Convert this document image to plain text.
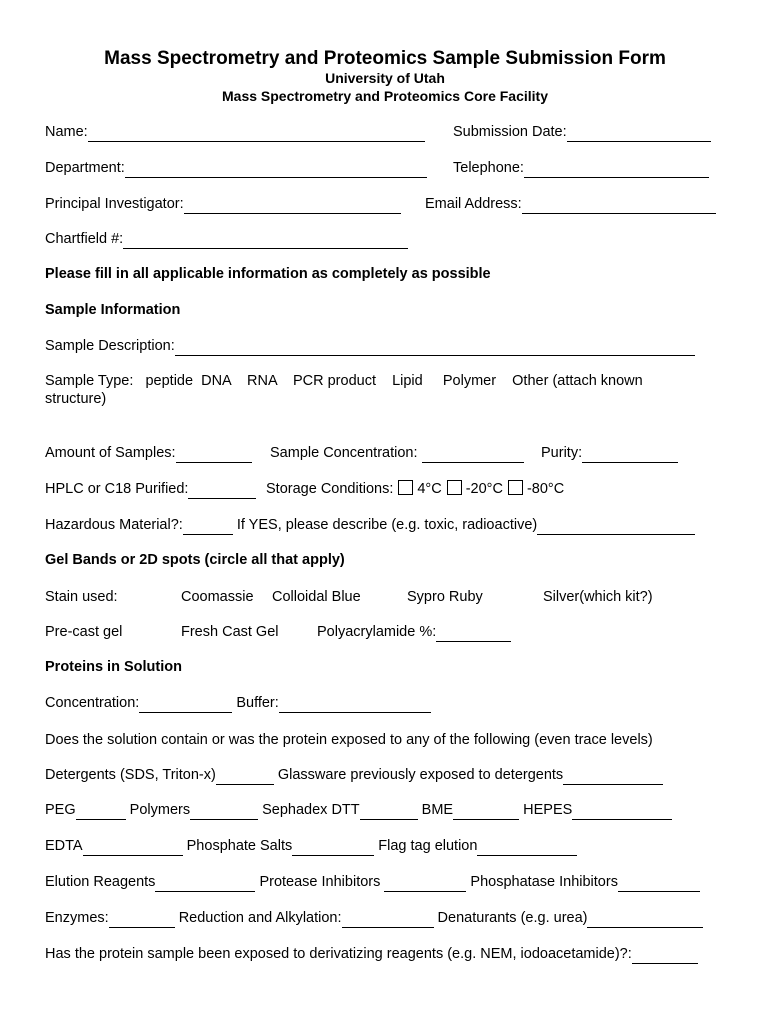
Mass Spectrometry and Proteomics Sample Submission Form
University of Utah
Mass Spectrometry and Proteomics Core Facility
Name:	Submission Date:
Department:	Telephone:
Principal Investigator:	Email Address:
Chartfield #:
Please fill in all applicable information as completely as possible
Sample Information
Sample Description:
Sample Type:   peptide  DNA    RNA    PCR product    Lipid     Polymer    Other (attach known structure)
Amount of Samples:	Sample Concentration:	Purity:
HPLC or C18 Purified:	Storage Conditions: 4°C -20°C -80°C
Hazardous Material?:	If YES, please describe (e.g. toxic, radioactive)
Gel Bands or 2D spots (circle all that apply)
Stain used:	Coomassie Colloidal Blue	Sypro Ruby	Silver(which kit?)
Pre-cast gel	Fresh Cast Gel	Polyacrylamide %:
Proteins in Solution
Concentration:	Buffer:
Does the solution contain or was the protein exposed to any of the following (even trace levels)
Detergents (SDS, Triton-x)	Glassware previously exposed to detergents
PEG	Polymers	Sephadex DTT	BME	HEPES
EDTA	Phosphate Salts	Flag tag elution
Elution Reagents	Protease Inhibitors	Phosphatase Inhibitors
Enzymes:	Reduction and Alkylation:	Denaturants (e.g. urea)
Has the protein sample been exposed to derivatizing reagents (e.g. NEM, iodoacetamide)?:
